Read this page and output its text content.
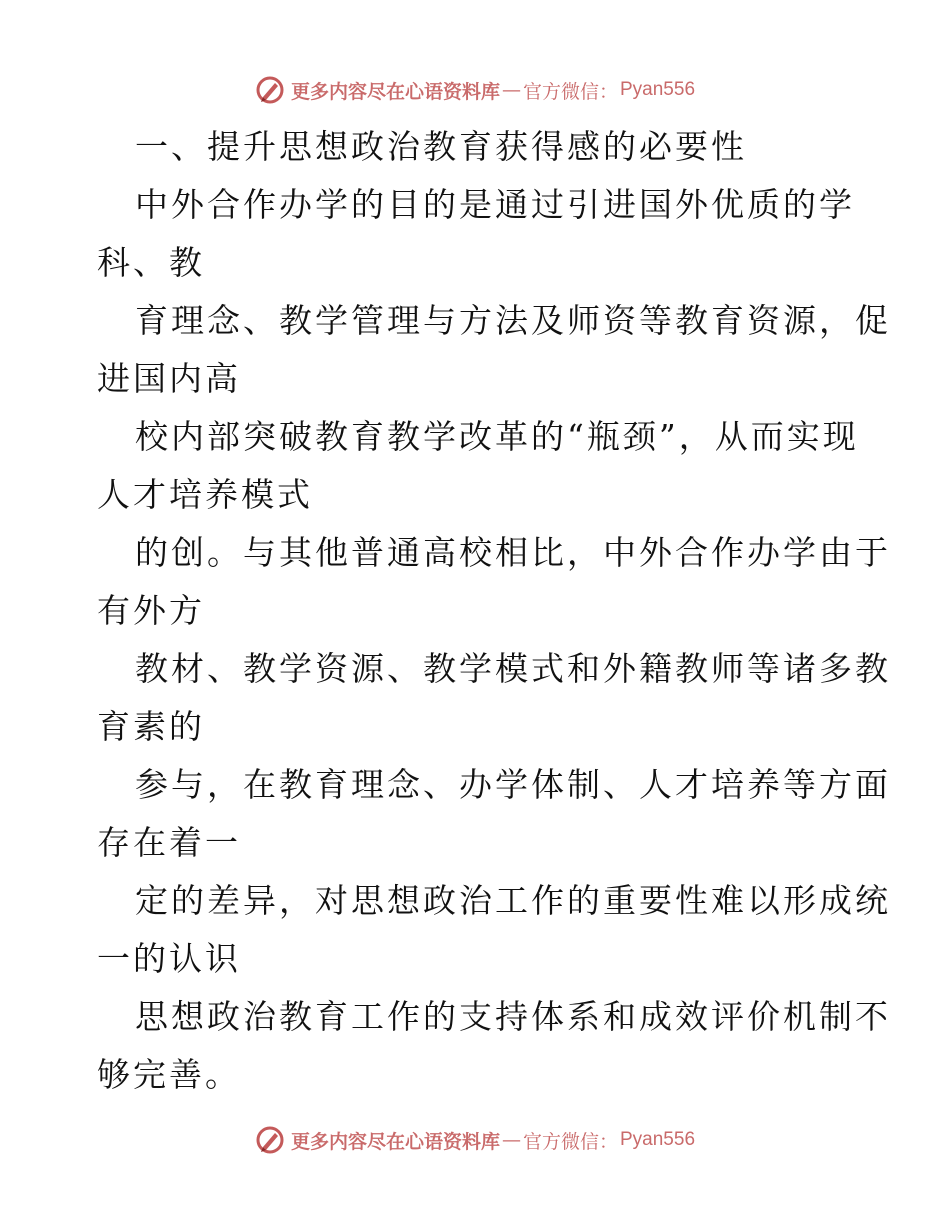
更多内容尽在心语资料库 — 官方微信： Pyan556
一、提升思想政治教育获得感的必要性
中外合作办学的目的是通过引进国外优质的学
科、教
育理念、教学管理与方法及师资等教育资源，促
进国内高
校内部突破教育教学改革的“瓶颈”，从而实现
人才培养模式
的创。与其他普通高校相比，中外合作办学由于
有外方
教材、教学资源、教学模式和外籍教师等诸多教
育素的
参与，在教育理念、办学体制、人才培养等方面
存在着一
定的差异，对思想政治工作的重要性难以形成统
一的认识
思想政治教育工作的支持体系和成效评价机制不
够完善。
更多内容尽在心语资料库 — 官方微信： Pyan556
